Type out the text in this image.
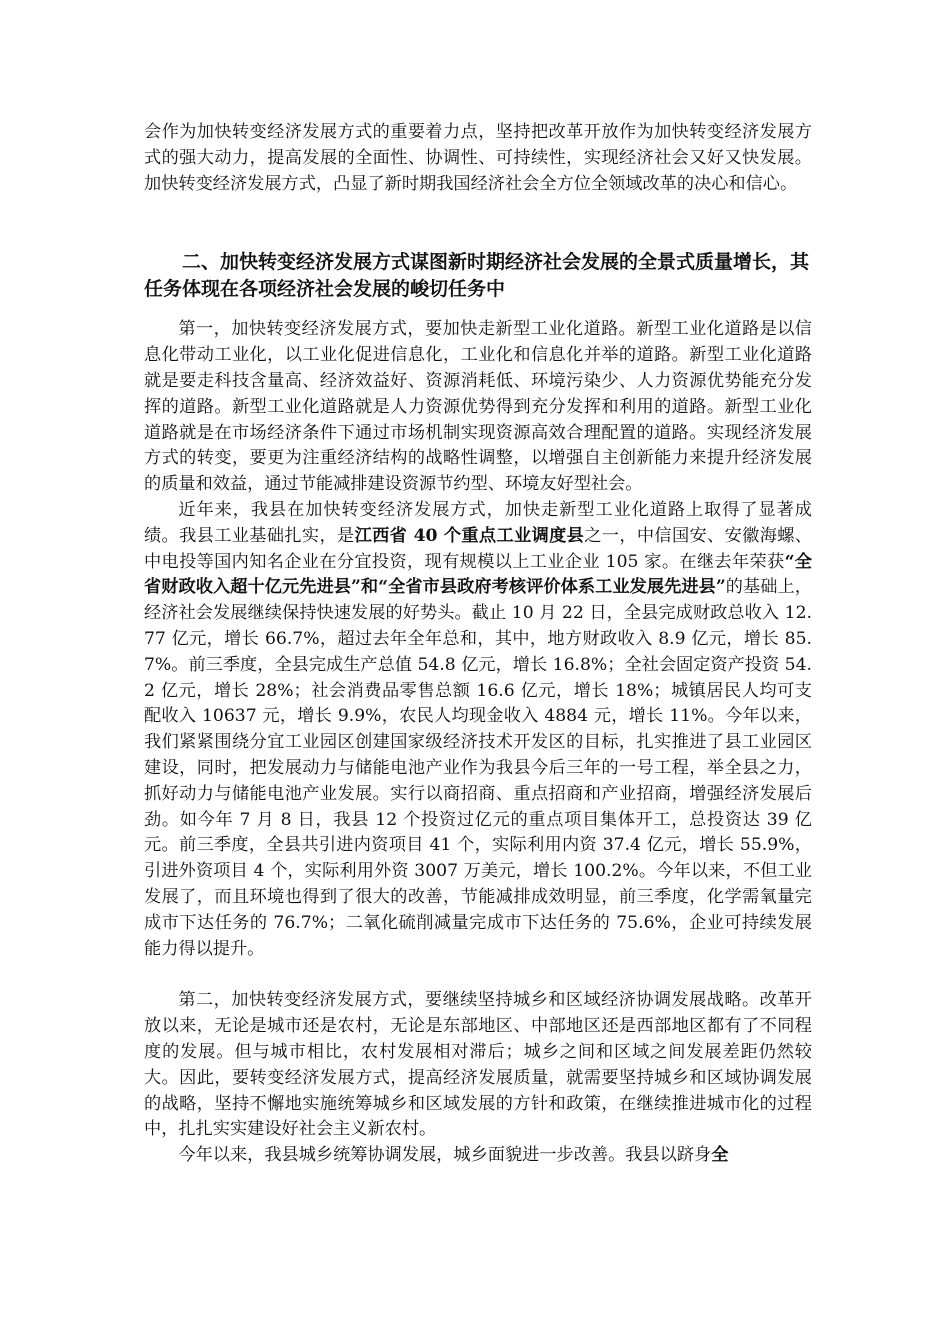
会作为加快转变经济发展方式的重要着力点，坚持把改革开放作为加快转变经济发展方式的强大动力，提高发展的全面性、协调性、可持续性，实现经济社会又好又快发展。加快转变经济发展方式，凸显了新时期我国经济社会全方位全领域改革的决心和信心。

二、加快转变经济发展方式谋图新时期经济社会发展的全景式质量增长，其任务体现在各项经济社会发展的峻切任务中

第一，加快转变经济发展方式，要加快走新型工业化道路。新型工业化道路是以信息化带动工业化，以工业化促进信息化，工业化和信息化并举的道路。新型工业化道路就是要走科技含量高、经济效益好、资源消耗低、环境污染少、人力资源优势能充分发挥的道路。新型工业化道路就是人力资源优势得到充分发挥和利用的道路。新型工业化道路就是在市场经济条件下通过市场机制实现资源高效合理配置的道路。实现经济发展方式的转变，要更为注重经济结构的战略性调整，以增强自主创新能力来提升经济发展的质量和效益，通过节能减排建设资源节约型、环境友好型社会。

近年来，我县在加快转变经济发展方式，加快走新型工业化道路上取得了显著成绩。我县工业基础扎实，是江西省 40 个重点工业调度县之一，中信国安、安徽海螺、中电投等国内知名企业在分宜投资，现有规模以上工业企业 105 家。在继去年荣获“全省财政收入超十亿元先进县”和“全省市县政府考核评价体系工业发展先进县”的基础上，经济社会发展继续保持快速发展的好势头。截止 10 月 22 日，全县完成财政总收入 12.77 亿元，增长 66.7%，超过去年全年总和，其中，地方财政收入 8.9 亿元，增长 85.7%。前三季度，全县完成生产总值 54.8 亿元，增长 16.8%；全社会固定资产投资 54.2 亿元，增长 28%；社会消费品零售总额 16.6 亿元，增长 18%；城镇居民人均可支配收入 10637 元，增长 9.9%，农民人均现金收入 4884 元，增长 11%。今年以来，我们紧紧围绕分宜工业园区创建国家级经济技术开发区的目标，扎实推进了县工业园区建设，同时，把发展动力与储能电池产业作为我县今后三年的一号工程，举全县之力，抓好动力与储能电池产业发展。实行以商招商、重点招商和产业招商，增强经济发展后劲。如今年 7 月 8 日，我县 12 个投资过亿元的重点项目集体开工，总投资达 39 亿元。前三季度，全县共引进内资项目 41 个，实际利用内资 37.4 亿元，增长 55.9%，引进外资项目 4 个，实际利用外资 3007 万美元，增长 100.2%。今年以来，不但工业发展了，而且环境也得到了很大的改善，节能减排成效明显，前三季度，化学需氧量完成市下达任务的 76.7%；二氧化硫削减量完成市下达任务的 75.6%，企业可持续发展能力得以提升。

第二，加快转变经济发展方式，要继续坚持城乡和区域经济协调发展战略。改革开放以来，无论是城市还是农村，无论是东部地区、中部地区还是西部地区都有了不同程度的发展。但与城市相比，农村发展相对滞后；城乡之间和区域之间发展差距仍然较大。因此，要转变经济发展方式，提高经济发展质量，就需要坚持城乡和区域协调发展的战略，坚持不懈地实施统筹城乡和区域发展的方针和政策，在继续推进城市化的过程中，扎扎实实建设好社会主义新农村。

今年以来，我县城乡统筹协调发展，城乡面貌进一步改善。我县以跻身全
